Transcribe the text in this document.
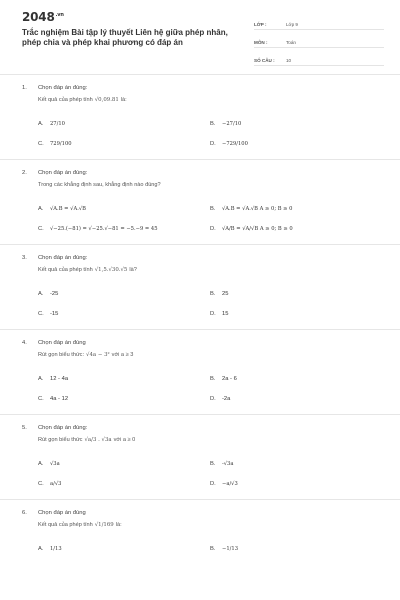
$2048^{.vn}$
Trắc nghiệm Bài tập lý thuyết Liên hệ giữa phép nhân, phép chia và phép khai phương có đáp án
LỚP :	Lớp 9
MÔN :	Toán
SỐ CÂU :	10
1.	Chọn đáp án đúng:
Kết quả của phép tính √0,09.81 là:
A.	27/10	B.	−27/10
C.	729/100	D.	−729/100
2.	Chọn đáp án đúng:
Trong các khẳng định sau, khẳng định nào đúng?
A.	√A.B = √A.√B	B.	√A.B = √A.√B A ≥ 0; B ≥ 0
C.	√−25.(−81) = √−25.√−81 = −5.−9 = 45	D.	√A/B = √A/√B A ≥ 0; B ≥ 0
3.	Chọn đáp án đúng:
Kết quả của phép tính √1,5.√30.√5 là?
A.	-25	B.	25
C.	-15	D.	15
4.	Chọn đáp án đúng
Rút gọn biểu thức: √4a − 3² với a ≥ 3
A.	12 - 4a	B.	2a - 6
C.	4a - 12	D.	-2a
5.	Chọn đáp án đúng:
Rút gọn biểu thức √a/3 . √3a với a ≥ 0
A.	√3a	B.	-√3a
C.	a/√3	D.	−a/√3
6.	Chọn đáp án đúng
Kết quả của phép tính √1/169 là:
A.	1/13	B.	−1/13
